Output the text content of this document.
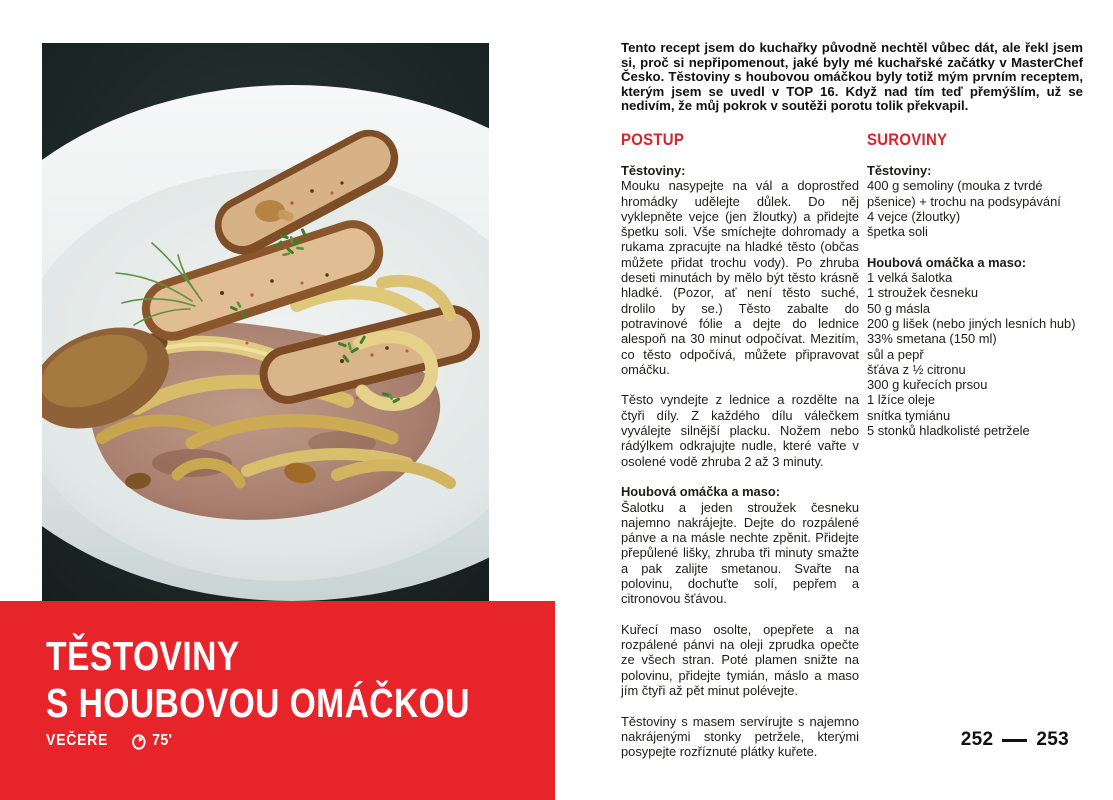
TĚSTOVINY
S HOUBOVOU OMÁČKOU
VEČEŘE	75'

Tento recept jsem do kuchařky původně nechtěl vůbec dát, ale řekl jsem si, proč si nepřipomenout, jaké byly mé kuchařské začátky v MasterChef Česko. Těstoviny s houbovou omáčkou byly totiž mým prvním receptem, kterým jsem se uvedl v TOP 16. Když nad tím teď přemýšlím, už se nedivím, že můj pokrok v soutěži porotu tolik překvapil.

POSTUP
Těstoviny:

Mouku nasypejte na vál a doprostřed hromádky udělejte důlek. Do něj vyklepněte vejce (jen žloutky) a přidejte špetku soli. Vše smíchejte dohromady a rukama zpracujte na hladké těsto (občas můžete přidat trochu vody). Po zhruba deseti minutách by mělo být těsto krásně hladké. (Pozor, ať není těsto suché, drolilo by se.) Těsto zabalte do potravinové fólie a dejte do lednice alespoň na 30 minut odpočívat. Mezitím, co těsto odpočívá, můžete připravovat omáčku.

Těsto vyndejte z lednice a rozdělte na čtyři díly. Z každého dílu válečkem vyválejte silnější placku. Nožem nebo rádýlkem odkrajujte nudle, které vařte v osolené vodě zhruba 2 až 3 minuty.

Houbová omáčka a maso:

Šalotku a jeden stroužek česneku najemno nakrájejte. Dejte do rozpálené pánve a na másle nechte zpěnit. Přidejte přepůlené lišky, zhruba tři minuty smažte a pak zalijte smetanou. Svařte na polovinu, dochuťte solí, pepřem a citronovou šťávou.

Kuřecí maso osolte, opepřete a na rozpálené pánvi na oleji zprudka opečte ze všech stran. Poté plamen snižte na polovinu, přidejte tymián, máslo a maso jím čtyři až pět minut polévejte.

Těstoviny s masem servírujte s najemno nakrájenými stonky petržele, kterými posypejte rozříznuté plátky kuřete.

SUROVINY
Těstoviny:
400 g semoliny (mouka z tvrdé pšenice) + trochu na podsypávání
4 vejce (žloutky)
špetka soli
Houbová omáčka a maso:
1 velká šalotka
1 stroužek česneku
50 g másla
200 g lišek (nebo jiných lesních hub)
33% smetana (150 ml)
sůl a pepř
šťáva z ½ citronu
300 g kuřecích prsou
1 lžíce oleje
snítka tymiánu
5 stonků hladkolisté petržele
252 253
